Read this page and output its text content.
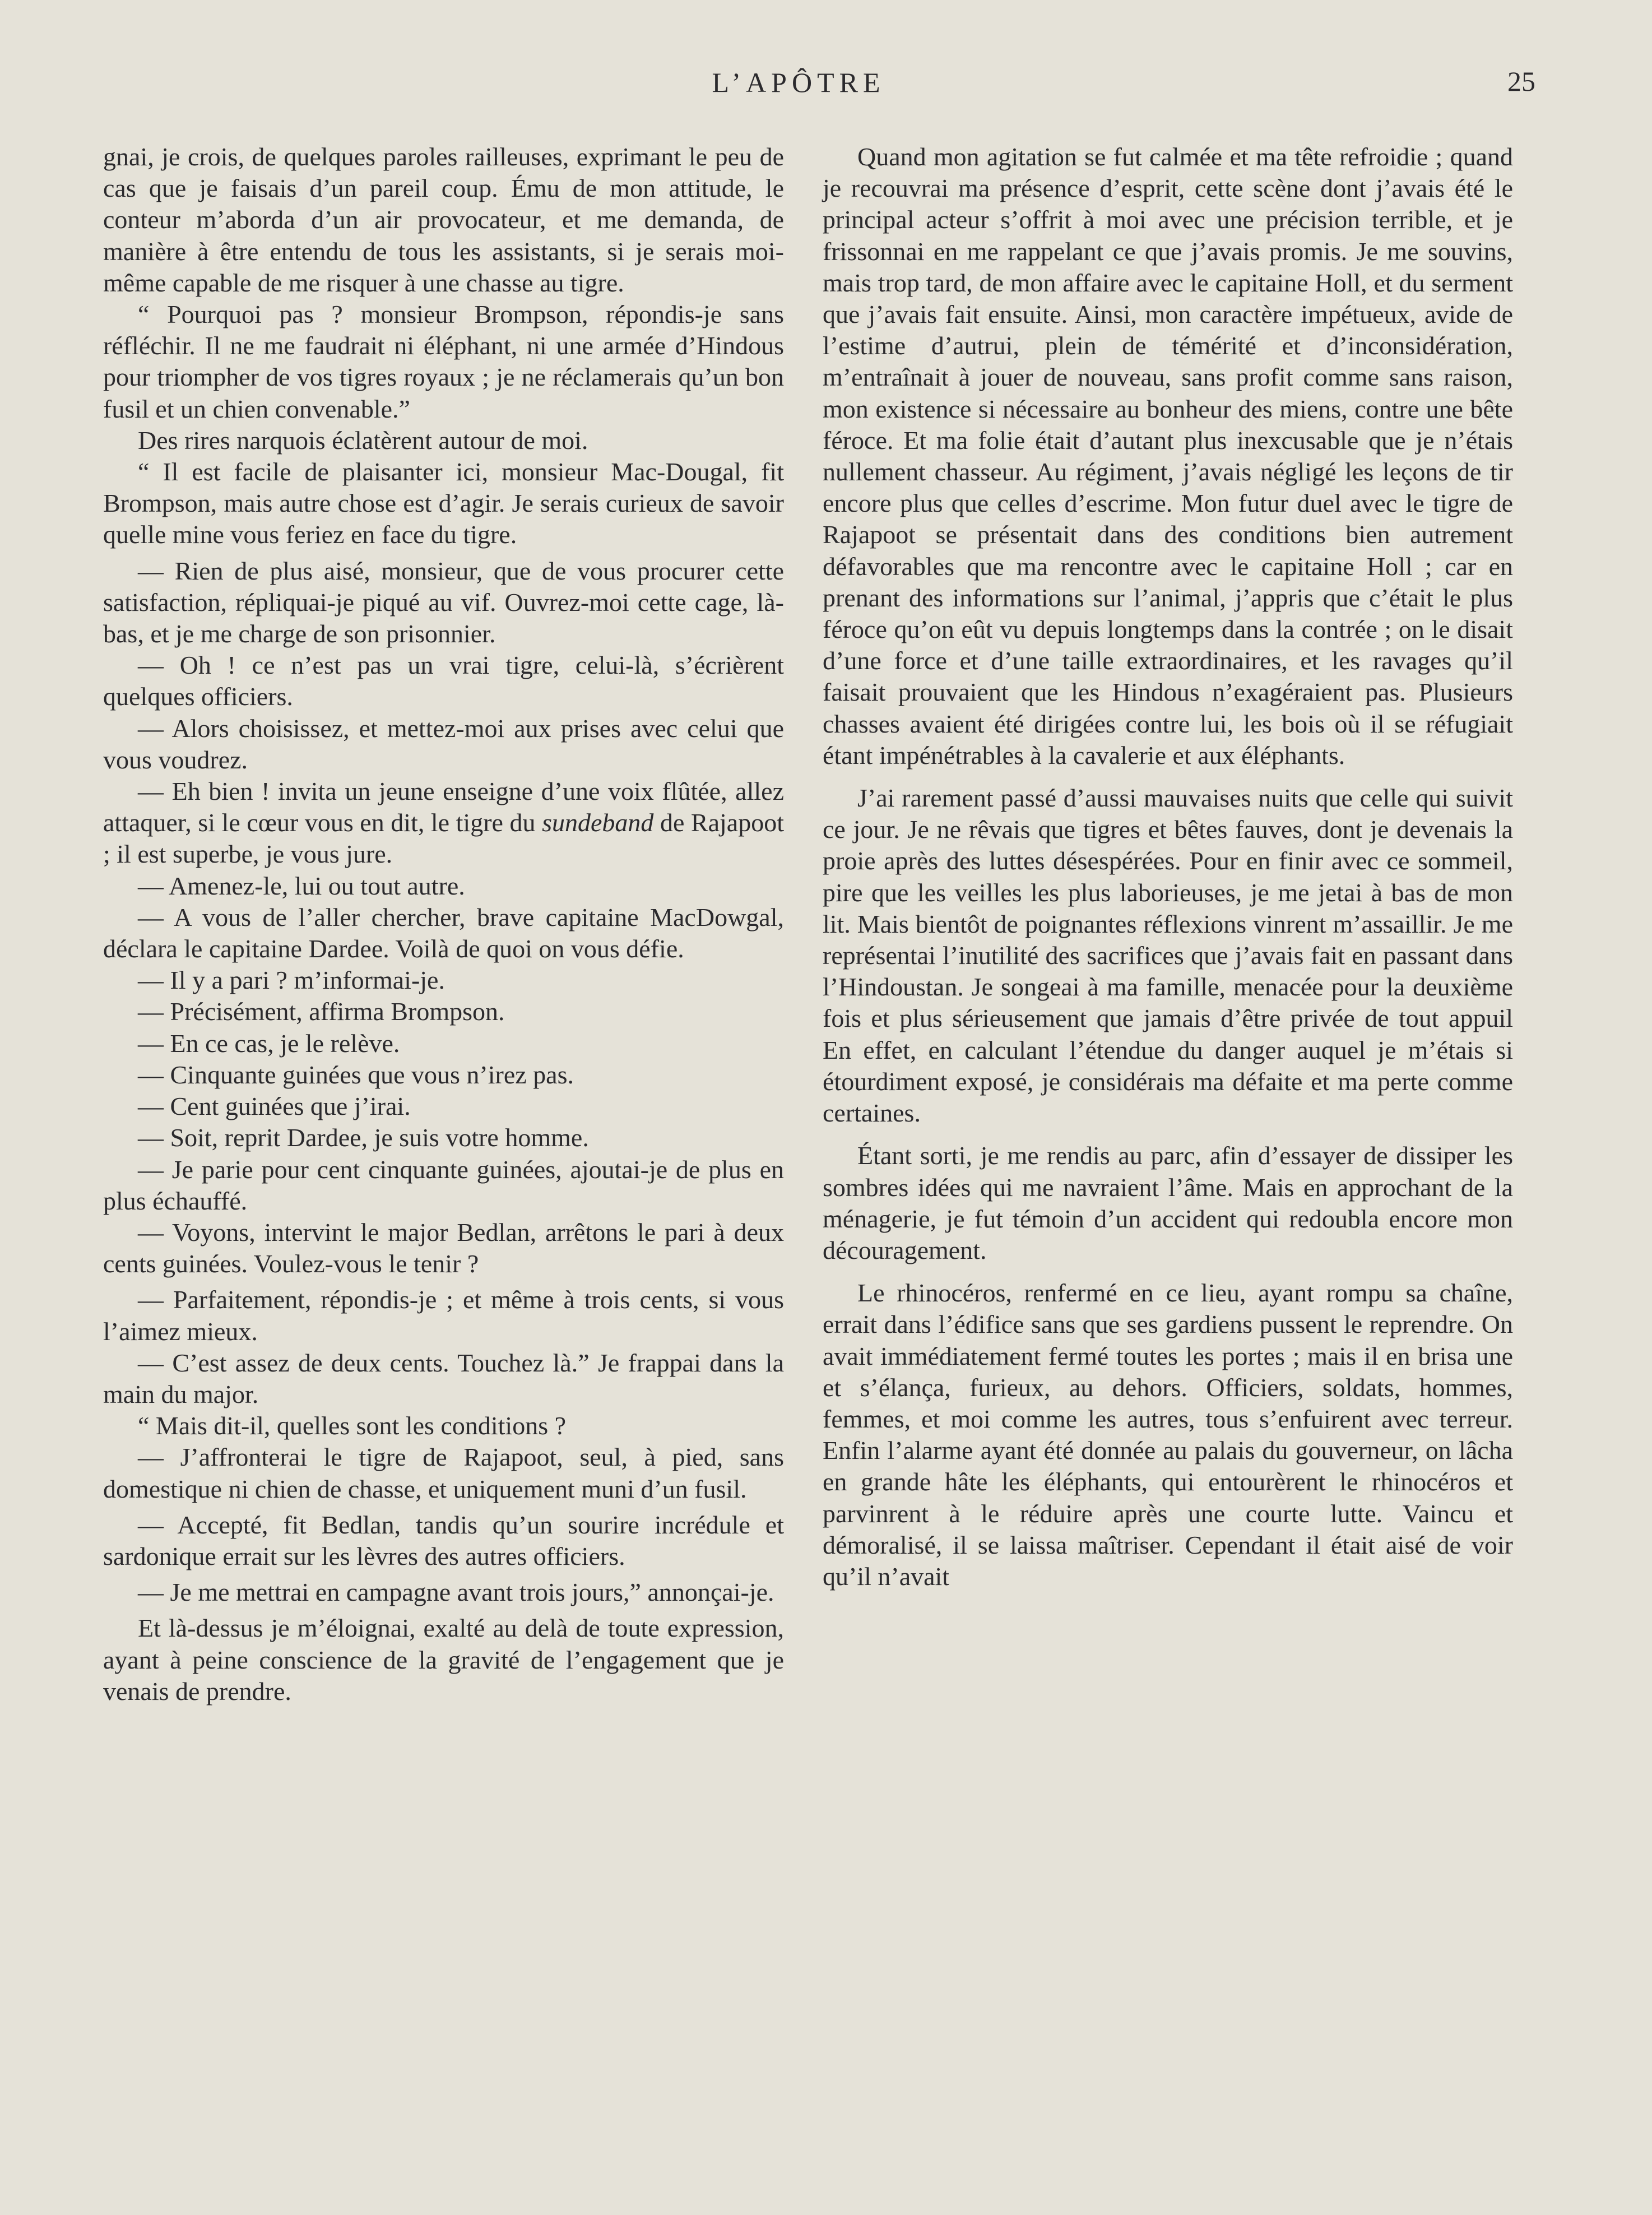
L’APÔTRE	25

gnai, je crois, de quelques paroles railleuses, exprimant le peu de cas que je faisais d’un pareil coup. Ému de mon attitude, le conteur m’aborda d’un air provocateur, et me demanda, de manière à être entendu de tous les assistants, si je serais moi-même capable de me risquer à une chasse au tigre.

“ Pourquoi pas ? monsieur Brompson, répondis-je sans réfléchir. Il ne me faudrait ni éléphant, ni une armée d’Hindous pour triompher de vos tigres royaux ; je ne réclamerais qu’un bon fusil et un chien convenable.”

Des rires narquois éclatèrent autour de moi.

“ Il est facile de plaisanter ici, monsieur Mac-Dougal, fit Brompson, mais autre chose est d’agir. Je serais curieux de savoir quelle mine vous feriez en face du tigre.

— Rien de plus aisé, monsieur, que de vous procurer cette satisfaction, répliquai-je piqué au vif. Ouvrez-moi cette cage, là-bas, et je me charge de son prisonnier.

— Oh ! ce n’est pas un vrai tigre, celui-là, s’écrièrent quelques officiers.

— Alors choisissez, et mettez-moi aux prises avec celui que vous voudrez.

— Eh bien ! invita un jeune enseigne d’une voix flûtée, allez attaquer, si le cœur vous en dit, le tigre du sundeband de Rajapoot ; il est superbe, je vous jure.

— Amenez-le, lui ou tout autre.

— A vous de l’aller chercher, brave capitaine MacDowgal, déclara le capitaine Dardee. Voilà de quoi on vous défie.

— Il y a pari ? m’informai-je.

— Précisément, affirma Brompson.

— En ce cas, je le relève.

— Cinquante guinées que vous n’irez pas.

— Cent guinées que j’irai.

— Soit, reprit Dardee, je suis votre homme.

— Je parie pour cent cinquante guinées, ajoutai-je de plus en plus échauffé.

— Voyons, intervint le major Bedlan, arrêtons le pari à deux cents guinées. Voulez-vous le tenir ?

— Parfaitement, répondis-je ; et même à trois cents, si vous l’aimez mieux.

— C’est assez de deux cents. Touchez là.” Je frappai dans la main du major.

“ Mais dit-il, quelles sont les conditions ?

— J’affronterai le tigre de Rajapoot, seul, à pied, sans domestique ni chien de chasse, et uniquement muni d’un fusil.

— Accepté, fit Bedlan, tandis qu’un sourire incrédule et sardonique errait sur les lèvres des autres officiers.

— Je me mettrai en campagne avant trois jours,” annonçai-je.

Et là-dessus je m’éloignai, exalté au delà de toute expression, ayant à peine conscience de la gravité de l’engagement que je venais de prendre.

Quand mon agitation se fut calmée et ma tête refroidie ; quand je recouvrai ma présence d’esprit, cette scène dont j’avais été le principal acteur s’offrit à moi avec une précision terrible, et je frissonnai en me rappelant ce que j’avais promis. Je me souvins, mais trop tard, de mon affaire avec le capitaine Holl, et du serment que j’avais fait ensuite. Ainsi, mon caractère impétueux, avide de l’estime d’autrui, plein de témérité et d’inconsidération, m’entraînait à jouer de nouveau, sans profit comme sans raison, mon existence si nécessaire au bonheur des miens, contre une bête féroce. Et ma folie était d’autant plus inexcusable que je n’étais nullement chasseur. Au régiment, j’avais négligé les leçons de tir encore plus que celles d’escrime. Mon futur duel avec le tigre de Rajapoot se présentait dans des conditions bien autrement défavorables que ma rencontre avec le capitaine Holl ; car en prenant des informations sur l’animal, j’appris que c’était le plus féroce qu’on eût vu depuis longtemps dans la contrée ; on le disait d’une force et d’une taille extraordinaires, et les ravages qu’il faisait prouvaient que les Hindous n’exagéraient pas. Plusieurs chasses avaient été dirigées contre lui, les bois où il se réfugiait étant impénétrables à la cavalerie et aux éléphants.

J’ai rarement passé d’aussi mauvaises nuits que celle qui suivit ce jour. Je ne rêvais que tigres et bêtes fauves, dont je devenais la proie après des luttes désespérées. Pour en finir avec ce sommeil, pire que les veilles les plus laborieuses, je me jetai à bas de mon lit. Mais bientôt de poignantes réflexions vinrent m’assaillir. Je me représentai l’inutilité des sacrifices que j’avais fait en passant dans l’Hindoustan. Je songeai à ma famille, menacée pour la deuxième fois et plus sérieusement que jamais d’être privée de tout appuil En effet, en calculant l’étendue du danger auquel je m’étais si étourdiment exposé, je considérais ma défaite et ma perte comme certaines.

Étant sorti, je me rendis au parc, afin d’essayer de dissiper les sombres idées qui me navraient l’âme. Mais en approchant de la ménagerie, je fut témoin d’un accident qui redoubla encore mon découragement.

Le rhinocéros, renfermé en ce lieu, ayant rompu sa chaîne, errait dans l’édifice sans que ses gardiens pussent le reprendre. On avait immédiatement fermé toutes les portes ; mais il en brisa une et s’élança, furieux, au dehors. Officiers, soldats, hommes, femmes, et moi comme les autres, tous s’enfuirent avec terreur. Enfin l’alarme ayant été donnée au palais du gouverneur, on lâcha en grande hâte les éléphants, qui entourèrent le rhinocéros et parvinrent à le réduire après une courte lutte. Vaincu et démoralisé, il se laissa maîtriser. Cependant il était aisé de voir qu’il n’avait
